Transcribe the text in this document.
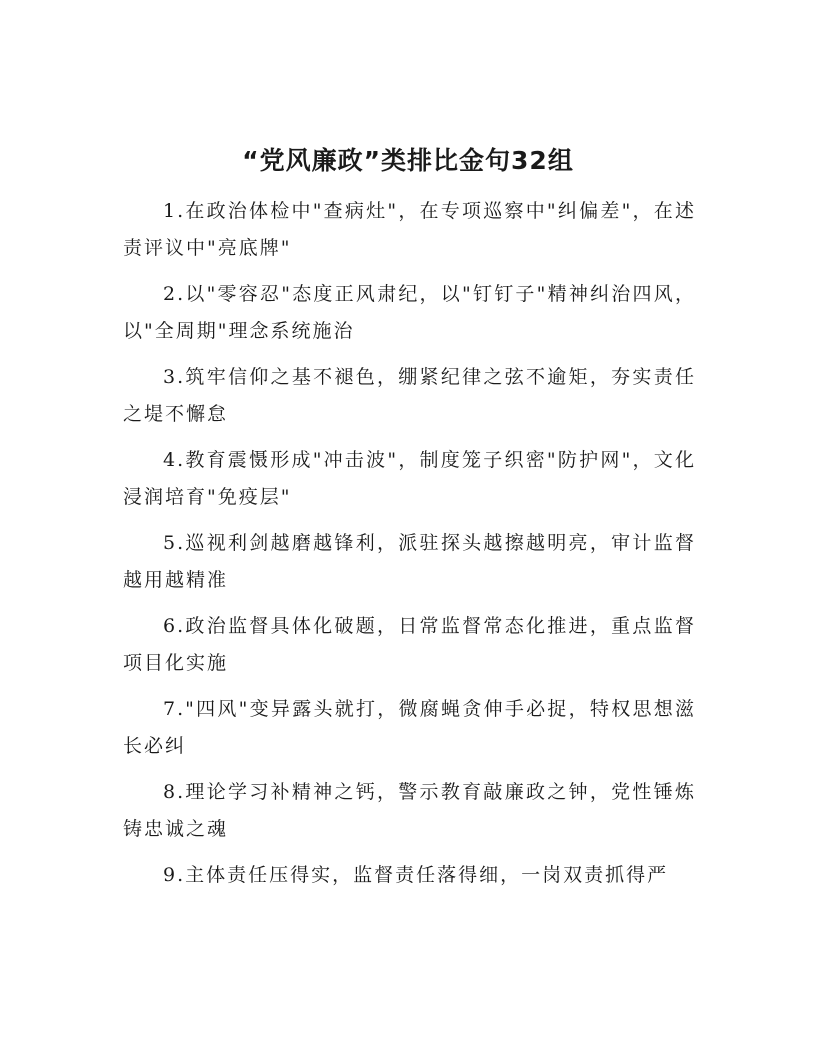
“党风廉政”类排比金句32组

1.在政治体检中"查病灶"，在专项巡察中"纠偏差"，在述责评议中"亮底牌"

2.以"零容忍"态度正风肃纪，以"钉钉子"精神纠治四风，以"全周期"理念系统施治

3.筑牢信仰之基不褪色，绷紧纪律之弦不逾矩，夯实责任之堤不懈怠

4.教育震慑形成"冲击波"，制度笼子织密"防护网"，文化浸润培育"免疫层"

5.巡视利剑越磨越锋利，派驻探头越擦越明亮，审计监督越用越精准

6.政治监督具体化破题，日常监督常态化推进，重点监督项目化实施

7."四风"变异露头就打，微腐蝇贪伸手必捉，特权思想滋长必纠

8.理论学习补精神之钙，警示教育敲廉政之钟，党性锤炼铸忠诚之魂

9.主体责任压得实，监督责任落得细，一岗双责抓得严
